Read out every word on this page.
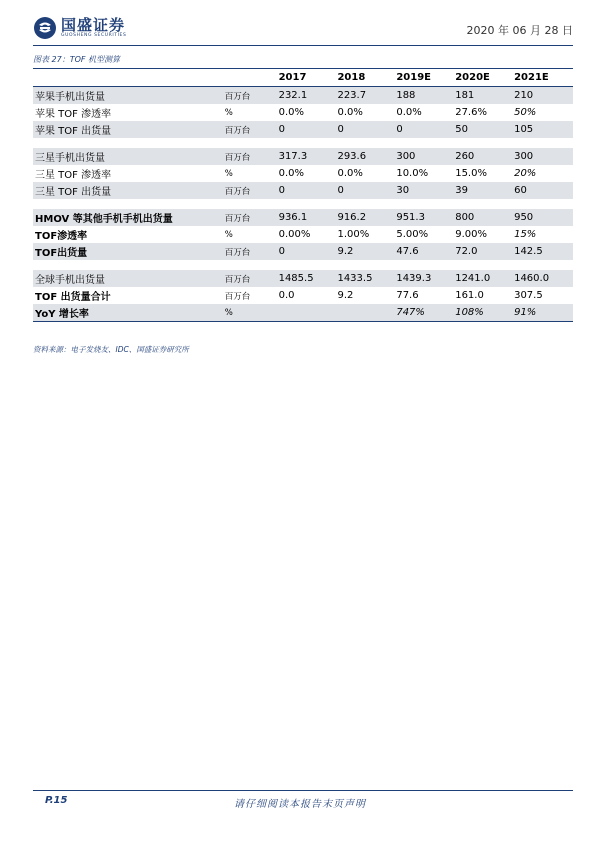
国盛证券
GUOSHENG SECURITIES	2020 年 06 月 28 日
图表 27：TOF 机型测算
		2017	2018	2019E	2020E	2021E
苹果手机出货量	百万台	232.1	223.7	188	181	210
苹果 TOF 渗透率	%	0.0%	0.0%	0.0%	27.6%	50%
苹果 TOF 出货量	百万台	0	0	0	50	105

三星手机出货量	百万台	317.3	293.6	300	260	300
三星 TOF 渗透率	%	0.0%	0.0%	10.0%	15.0%	20%
三星 TOF 出货量	百万台	0	0	30	39	60

HMOV 等其他手机手机出货量	百万台	936.1	916.2	951.3	800	950
TOF渗透率	%	0.00%	1.00%	5.00%	9.00%	15%
TOF出货量	百万台	0	9.2	47.6	72.0	142.5

全球手机出货量	百万台	1485.5	1433.5	1439.3	1241.0	1460.0
TOF 出货量合计	百万台	0.0	9.2	77.6	161.0	307.5
YoY 增长率	%			747%	108%	91%
资料来源：电子发烧友、IDC、国盛证券研究所
P.15	请仔细阅读本报告末页声明
